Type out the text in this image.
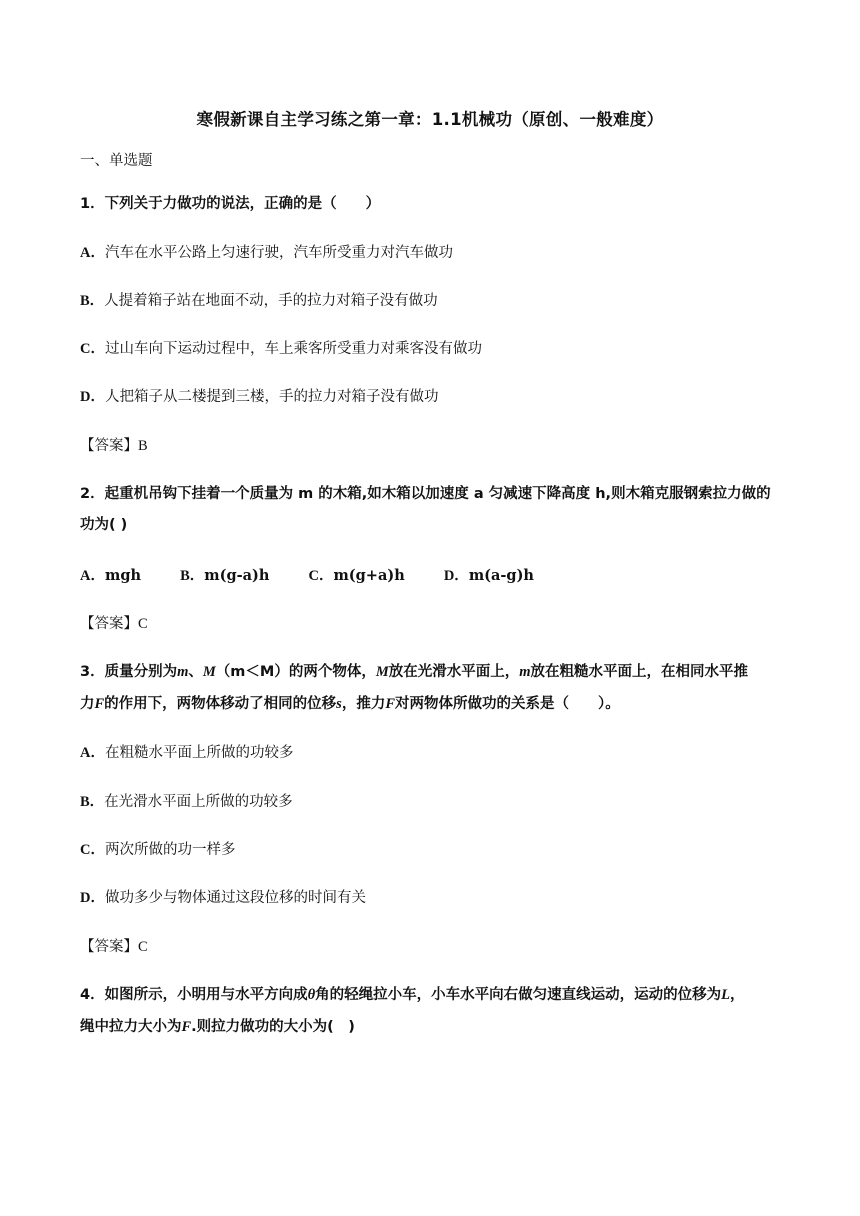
寒假新课自主学习练之第一章：1.1机械功（原创、一般难度）
一、单选题
1．下列关于力做功的说法，正确的是（　　）
A．汽车在水平公路上匀速行驶，汽车所受重力对汽车做功
B．人提着箱子站在地面不动，手的拉力对箱子没有做功
C．过山车向下运动过程中，车上乘客所受重力对乘客没有做功
D．人把箱子从二楼提到三楼，手的拉力对箱子没有做功
【答案】B
2．起重机吊钩下挂着一个质量为 m 的木箱,如木箱以加速度 a 匀减速下降高度 h,则木箱克服钢索拉力做的
功为( )
A．mgh	B．m(g-a)h	C．m(g+a)h	D．m(a-g)h
【答案】C
3．质量分别为m、M（m＜M）的两个物体，M放在光滑水平面上，m放在粗糙水平面上，在相同水平推
力F的作用下，两物体移动了相同的位移s，推力F对两物体所做功的关系是（　　）。
A．在粗糙水平面上所做的功较多
B．在光滑水平面上所做的功较多
C．两次所做的功一样多
D．做功多少与物体通过这段位移的时间有关
【答案】C
4．如图所示，小明用与水平方向成θ角的轻绳拉小车，小车水平向右做匀速直线运动，运动的位移为L，
绳中拉力大小为F.则拉力做功的大小为(　)
